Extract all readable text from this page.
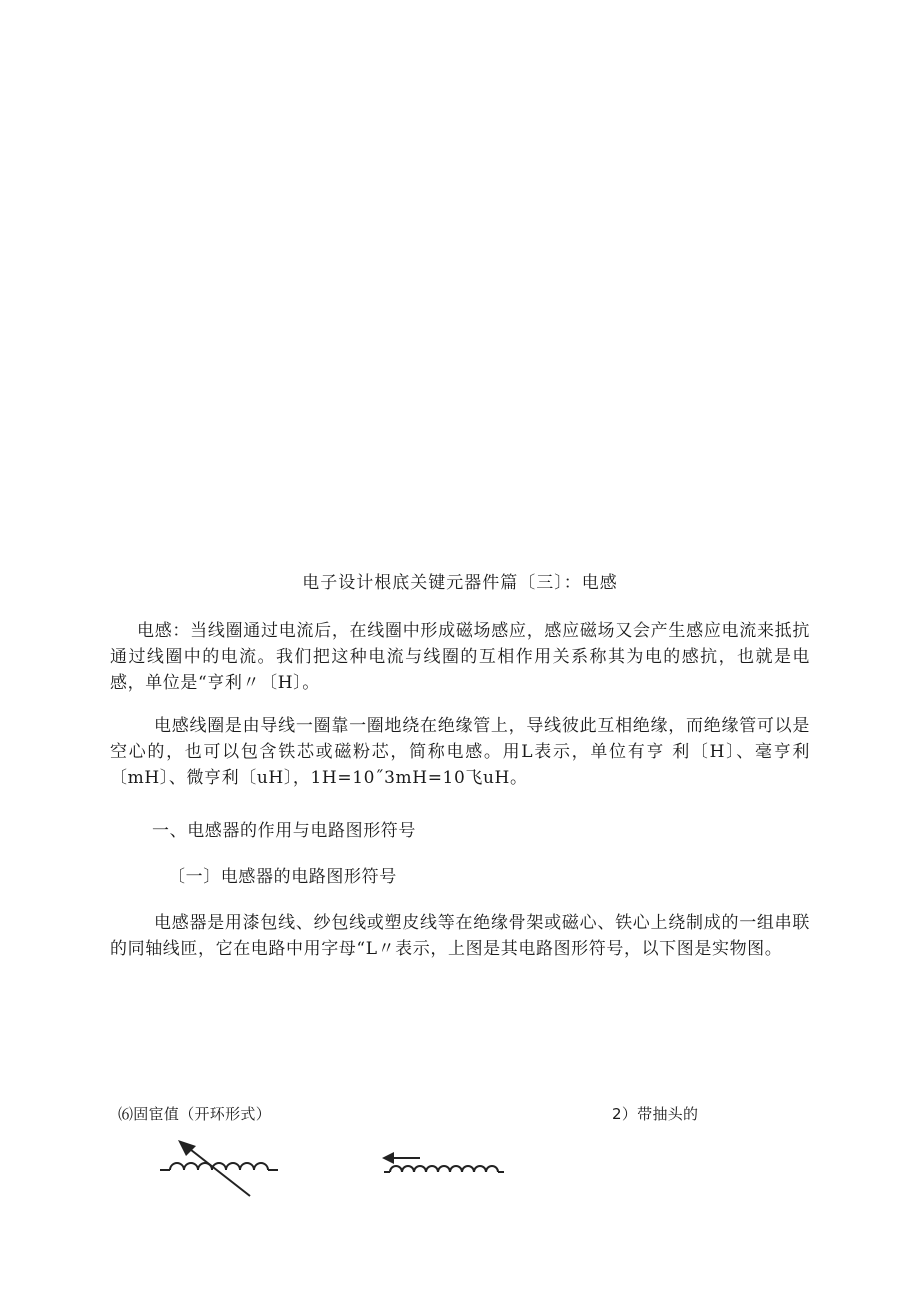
电子设计根底关键元器件篇〔三〕：电感
电感：当线圈通过电流后，在线圈中形成磁场感应，感应磁场又会产生感应电流来抵抗通过线圈中的电流。我们把这种电流与线圈的互相作用关系称其为电的感抗，也就是电感，单位是“亨利〃〔H〕。
电感线圈是由导线一圈靠一圈地绕在绝缘管上，导线彼此互相绝缘，而绝缘管可以是空心的，也可以包含铁芯或磁粉芯，简称电感。用L表示，单位有亨 利〔H〕、毫亨利〔mH〕、微亨利〔uH〕，1H=10˝3mH=10飞uH。
一、电感器的作用与电路图形符号
〔一〕电感器的电路图形符号
电感器是用漆包线、纱包线或塑皮线等在绝缘骨架或磁心、铁心上绕制成的一组串联的同轴线匝，它在电路中用字母“L〃表示，上图是其电路图形符号，以下图是实物图。
⑹固宦值（开环形式）	2）带抽头的
